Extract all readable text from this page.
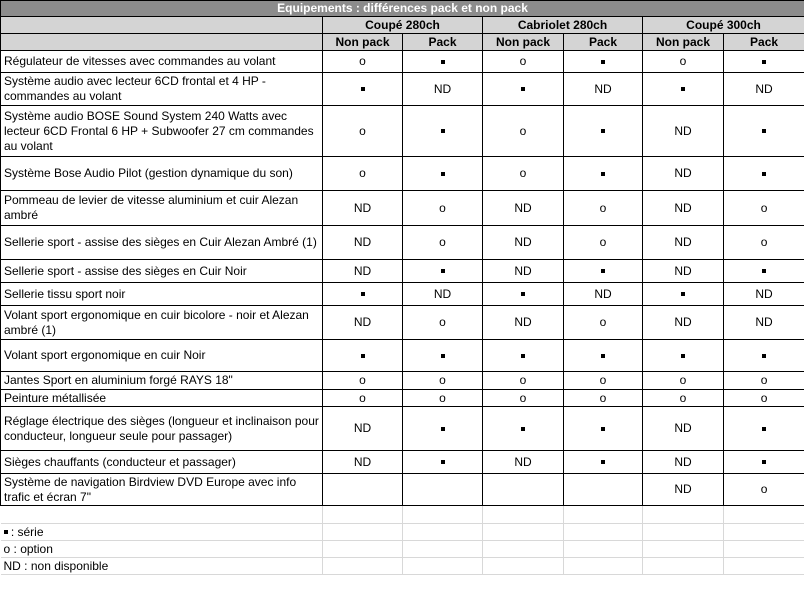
Equipements : différences pack et non pack						
	Coupé 280ch		Cabriolet 280ch		Coupé 300ch	
	Non pack	Pack	Non pack	Pack	Non pack	Pack
Régulateur de vitesses avec commandes au volant	o		o		o	
Système audio avec lecteur 6CD frontal et 4 HP - commandes au volant		ND		ND		ND
Système audio BOSE Sound System 240 Watts avec lecteur 6CD Frontal 6 HP + Subwoofer 27 cm commandes au volant	o		o		ND	
Système Bose Audio Pilot (gestion dynamique du son)	o		o		ND	
Pommeau de levier de vitesse aluminium et cuir Alezan ambré	ND	o	ND	o	ND	o
Sellerie sport - assise des sièges en Cuir Alezan Ambré (1)	ND	o	ND	o	ND	o
Sellerie sport - assise des sièges en Cuir Noir	ND		ND		ND	
Sellerie tissu sport noir		ND		ND		ND
Volant sport ergonomique en cuir bicolore - noir et Alezan ambré (1)	ND	o	ND	o	ND	ND
Volant sport ergonomique en cuir Noir						
Jantes Sport en aluminium forgé RAYS 18"	o	o	o	o	o	o
Peinture métallisée	o	o	o	o	o	o
Réglage électrique des sièges (longueur et inclinaison pour conducteur, longueur seule pour passager)	ND				ND	
Sièges chauffants (conducteur et passager)	ND		ND		ND	
Système de navigation Birdview DVD Europe avec info trafic et écran 7"					ND	o

: série						
o : option						
ND : non disponible						
